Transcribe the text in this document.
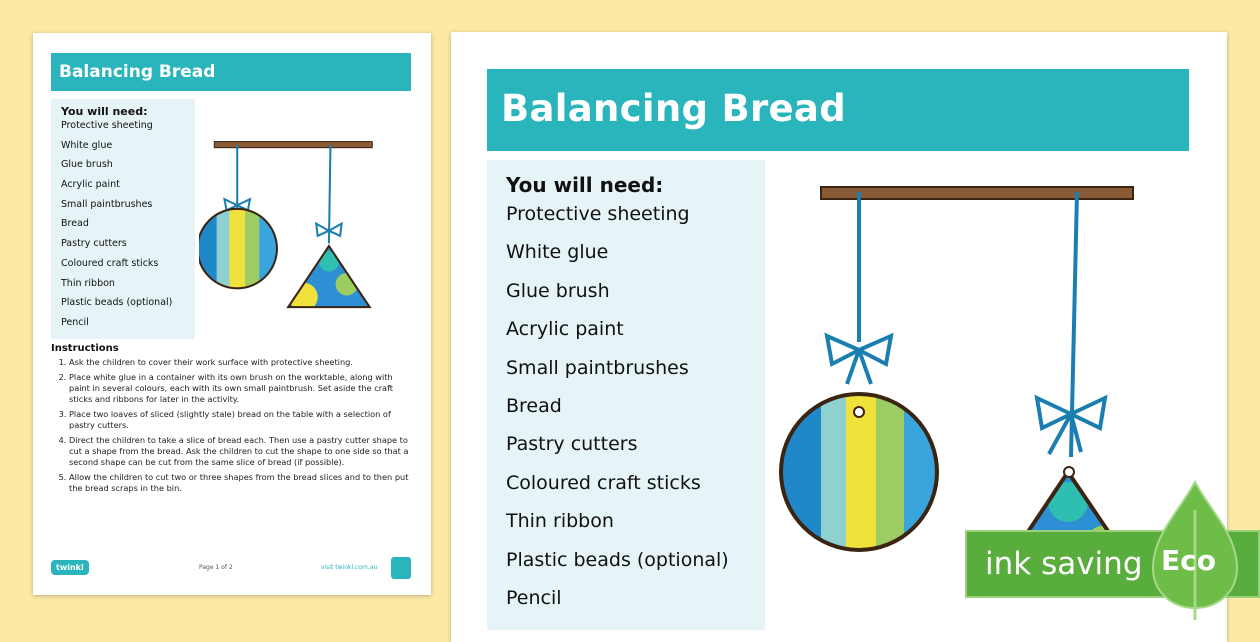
Balancing Bread
You will need:
Protective sheeting
White glue
Glue brush
Acrylic paint
Small paintbrushes
Bread
Pastry cutters
Coloured craft sticks
Thin ribbon
Plastic beads (optional)
Pencil
Instructions
1. Ask the children to cover their work surface with protective sheeting.
2. Place white glue in a container with its own brush on the worktable, along with paint in several colours, each with its own small paintbrush. Set aside the craft sticks and ribbons for later in the activity.
3. Place two loaves of sliced (slightly stale) bread on the table with a selection of pastry cutters.
4. Direct the children to take a slice of bread each. Then use a pastry cutter shape to cut a shape from the bread. Ask the children to cut the shape to one side so that a second shape can be cut from the same slice of bread (if possible).
5. Allow the children to cut two or three shapes from the bread slices and to then put the bread scraps in the bin.
twinkl	Page 1 of 2	visit twinkl.com.au
Balancing Bread
You will need:
Protective sheeting
White glue
Glue brush
Acrylic paint
Small paintbrushes
Bread
Pastry cutters
Coloured craft sticks
Thin ribbon
Plastic beads (optional)
Pencil
ink saving Eco
